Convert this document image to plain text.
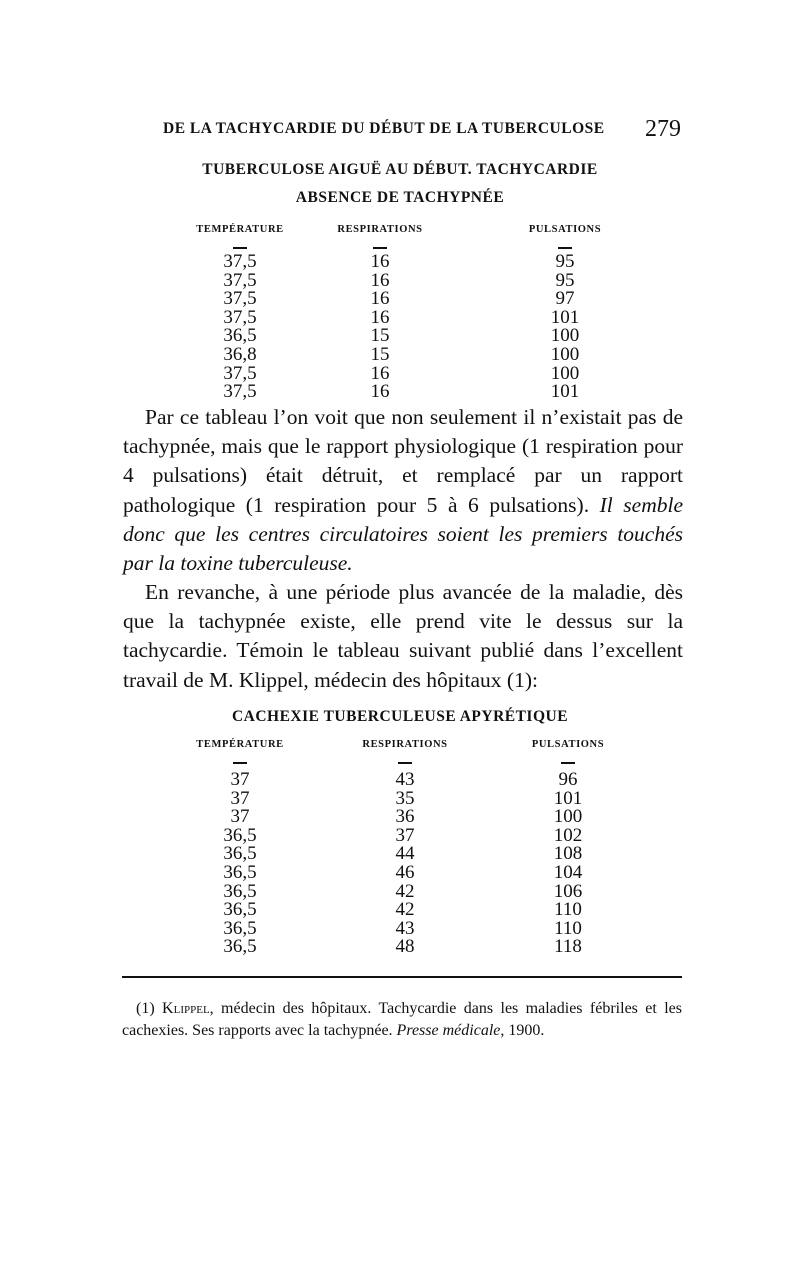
DE LA TACHYCARDIE DU DÉBUT DE LA TUBERCULOSE 279
TUBERCULOSE AIGUË AU DÉBUT. TACHYCARDIE
ABSENCE DE TACHYPNÉE
TEMPÉRATURE	RESPIRATIONS	PULSATIONS
37,5	16	95
37,5	16	95
37,5	16	97
37,5	16	101
36,5	15	100
36,8	15	100
37,5	16	100
37,5	16	101
Par ce tableau l’on voit que non seulement il n’existait pas de tachypnée, mais que le rapport physiologique (1 respiration pour 4 pulsations) était détruit, et remplacé par un rapport pathologique (1 respiration pour 5 à 6 pulsations). Il semble donc que les centres circulatoires soient les premiers touchés par la toxine tuberculeuse.
En revanche, à une période plus avancée de la maladie, dès que la tachypnée existe, elle prend vite le dessus sur la tachycardie. Témoin le tableau suivant publié dans l’excellent travail de M. Klippel, médecin des hôpitaux (1):
CACHEXIE TUBERCULEUSE APYRÉTIQUE
TEMPÉRATURE	RESPIRATIONS	PULSATIONS
37	43	96
37	35	101
37	36	100
36,5	37	102
36,5	44	108
36,5	46	104
36,5	42	106
36,5	42	110
36,5	43	110
36,5	48	118
(1) Klippel, médecin des hôpitaux. Tachycardie dans les maladies fébriles et les cachexies. Ses rapports avec la tachypnée. Presse médicale, 1900.
